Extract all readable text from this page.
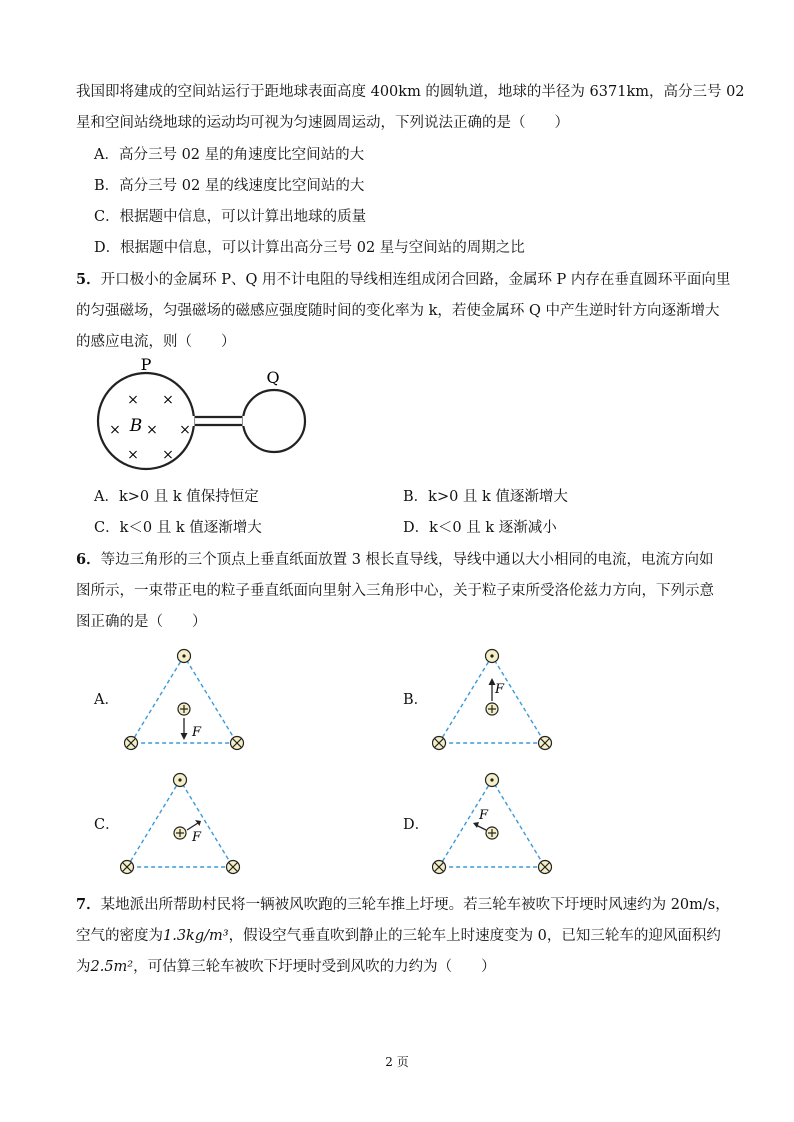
我国即将建成的空间站运行于距地球表面高度 400km 的圆轨道，地球的半径为 6371km，高分三号 02
星和空间站绕地球的运动均可视为匀速圆周运动，下列说法正确的是（　　）
A．高分三号 02 星的角速度比空间站的大
B．高分三号 02 星的线速度比空间站的大
C．根据题中信息，可以计算出地球的质量
D．根据题中信息，可以计算出高分三号 02 星与空间站的周期之比
5．开口极小的金属环 P、Q 用不计电阻的导线相连组成闭合回路，金属环 P 内存在垂直圆环平面向里
的匀强磁场，匀强磁场的磁感应强度随时间的变化率为 k，若使金属环 Q 中产生逆时针方向逐渐增大
的感应电流，则（　　）
P
Q
B
× ×
× × ×
× ×
A．k>0 且 k 值保持恒定	B．k>0 且 k 值逐渐增大
C．k＜0 且 k 值逐渐增大	D．k＜0 且 k 逐渐减小
6．等边三角形的三个顶点上垂直纸面放置 3 根长直导线，导线中通以大小相同的电流，电流方向如
图所示，一束带正电的粒子垂直纸面向里射入三角形中心，关于粒子束所受洛伦兹力方向，下列示意
图正确的是（　　）
A．	B．
C．	D．
F
F
F
F
7．某地派出所帮助村民将一辆被风吹跑的三轮车推上圩埂。若三轮车被吹下圩埂时风速约为 20m/s，
空气的密度为1.3kg/m³，假设空气垂直吹到静止的三轮车上时速度变为 0，已知三轮车的迎风面积约
为2.5m²，可估算三轮车被吹下圩埂时受到风吹的力约为（　　）
2 页
